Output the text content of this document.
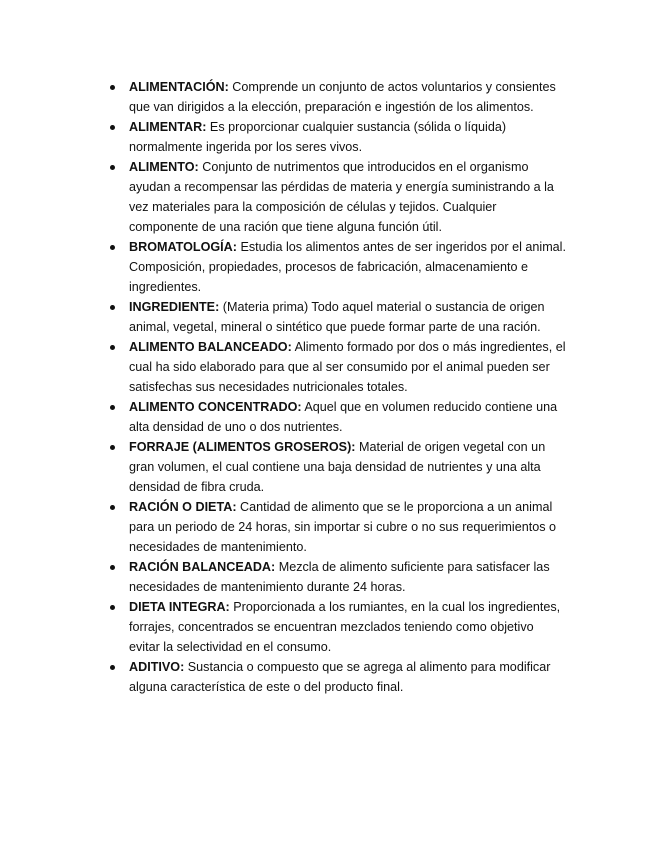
ALIMENTACIÓN: Comprende un conjunto de actos voluntarios y consientes que van dirigidos a la elección, preparación e ingestión de los alimentos.
ALIMENTAR: Es proporcionar cualquier sustancia (sólida o líquida) normalmente ingerida por los seres vivos.
ALIMENTO: Conjunto de nutrimentos que introducidos en el organismo ayudan a recompensar las pérdidas de materia y energía suministrando a la vez materiales para la composición de células y tejidos. Cualquier componente de una ración que tiene alguna función útil.
BROMATOLOGÍA: Estudia los alimentos antes de ser ingeridos por el animal. Composición, propiedades, procesos de fabricación, almacenamiento e ingredientes.
INGREDIENTE: (Materia prima) Todo aquel material o sustancia de origen animal, vegetal, mineral o sintético que puede formar parte de una ración.
ALIMENTO BALANCEADO: Alimento formado por dos o más ingredientes, el cual ha sido elaborado para que al ser consumido por el animal pueden ser satisfechas sus necesidades nutricionales totales.
ALIMENTO CONCENTRADO: Aquel que en volumen reducido contiene una alta densidad de uno o dos nutrientes.
FORRAJE (ALIMENTOS GROSEROS): Material de origen vegetal con un gran volumen, el cual contiene una baja densidad de nutrientes y una alta densidad de fibra cruda.
RACIÓN O DIETA: Cantidad de alimento que se le proporciona a un animal para un periodo de 24 horas, sin importar si cubre o no sus requerimientos o necesidades de mantenimiento.
RACIÓN BALANCEADA: Mezcla de alimento suficiente para satisfacer las necesidades de mantenimiento durante 24 horas.
DIETA INTEGRA: Proporcionada a los rumiantes, en la cual los ingredientes, forrajes, concentrados se encuentran mezclados teniendo como objetivo evitar la selectividad en el consumo.
ADITIVO: Sustancia o compuesto que se agrega al alimento para modificar alguna característica de este o del producto final.
